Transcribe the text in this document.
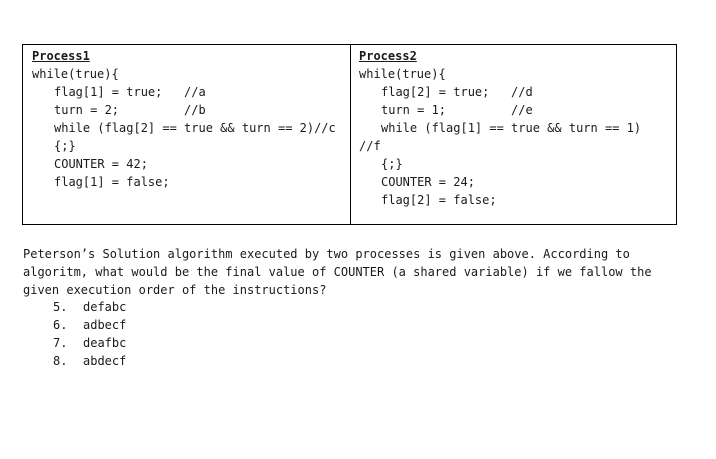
Process1
while(true){
flag[1] = true;   //a
turn = 2;         //b
while (flag[2] == true && turn == 2)//c
{;}
COUNTER = 42;
flag[1] = false;
Process2
while(true){
flag[2] = true;   //d
turn = 1;         //e
while (flag[1] == true && turn == 1)
//f
{;}
COUNTER = 24;
flag[2] = false;
Peterson’s Solution algorithm executed by two processes is given above. According to algoritm, what would be the final value of COUNTER (a shared variable) if we fallow the given execution order of the instructions?
5. defabc
6. adbecf
7. deafbc
8. abdecf
